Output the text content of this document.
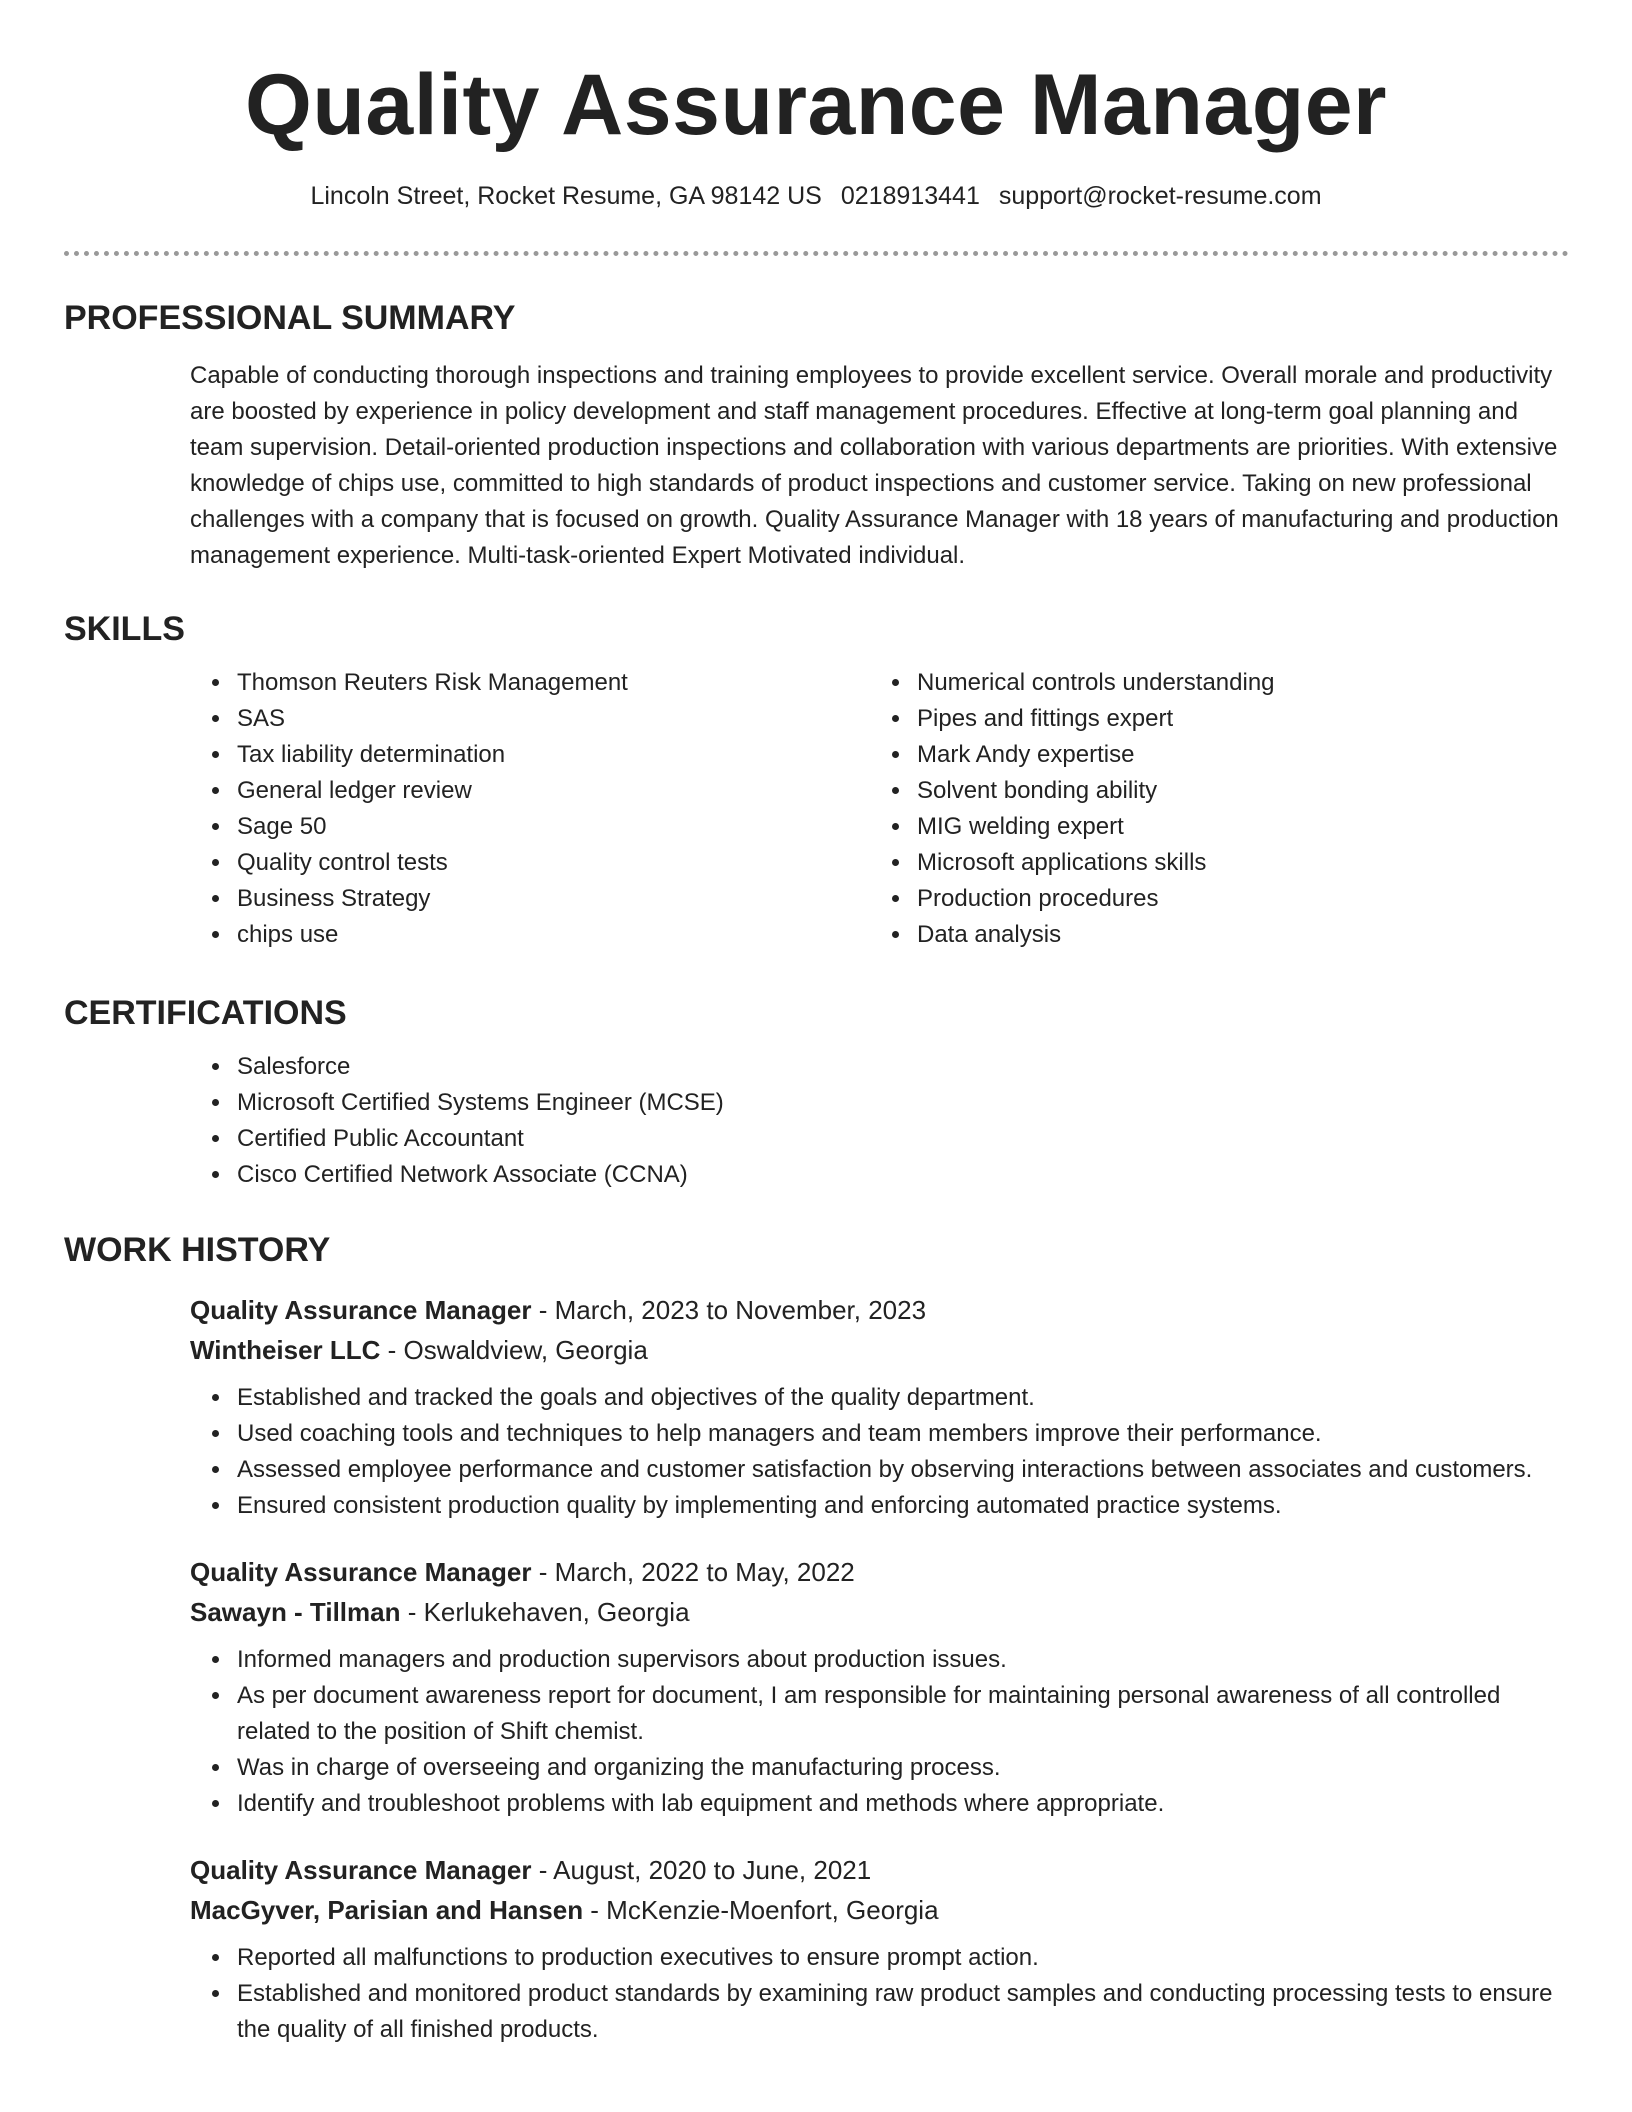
Quality Assurance Manager
Lincoln Street, Rocket Resume, GA 98142 US 0218913441 support@rocket-resume.com
PROFESSIONAL SUMMARY

Capable of conducting thorough inspections and training employees to provide excellent service. Overall morale and productivity are boosted by experience in policy development and staff management procedures. Effective at long-term goal planning and team supervision. Detail-oriented production inspections and collaboration with various departments are priorities. With extensive knowledge of chips use, committed to high standards of product inspections and customer service. Taking on new professional challenges with a company that is focused on growth. Quality Assurance Manager with 18 years of manufacturing and production management experience. Multi-task-oriented Expert Motivated individual.

SKILLS
• Thomson Reuters Risk Management
• SAS
• Tax liability determination
• General ledger review
• Sage 50
• Quality control tests
• Business Strategy
• chips use
• Numerical controls understanding
• Pipes and fittings expert
• Mark Andy expertise
• Solvent bonding ability
• MIG welding expert
• Microsoft applications skills
• Production procedures
• Data analysis
CERTIFICATIONS
• Salesforce
• Microsoft Certified Systems Engineer (MCSE)
• Certified Public Accountant
• Cisco Certified Network Associate (CCNA)
WORK HISTORY
Quality Assurance Manager - March, 2023 to November, 2023
Wintheiser LLC - Oswaldview, Georgia
• Established and tracked the goals and objectives of the quality department.
• Used coaching tools and techniques to help managers and team members improve their performance.
• Assessed employee performance and customer satisfaction by observing interactions between associates and customers.
• Ensured consistent production quality by implementing and enforcing automated practice systems.
Quality Assurance Manager - March, 2022 to May, 2022
Sawayn - Tillman - Kerlukehaven, Georgia
• Informed managers and production supervisors about production issues.
• As per document awareness report for document, I am responsible for maintaining personal awareness of all controlled related to the position of Shift chemist.
• Was in charge of overseeing and organizing the manufacturing process.
• Identify and troubleshoot problems with lab equipment and methods where appropriate.
Quality Assurance Manager - August, 2020 to June, 2021
MacGyver, Parisian and Hansen - McKenzie-Moenfort, Georgia
• Reported all malfunctions to production executives to ensure prompt action.
• Established and monitored product standards by examining raw product samples and conducting processing tests to ensure the quality of all finished products.
